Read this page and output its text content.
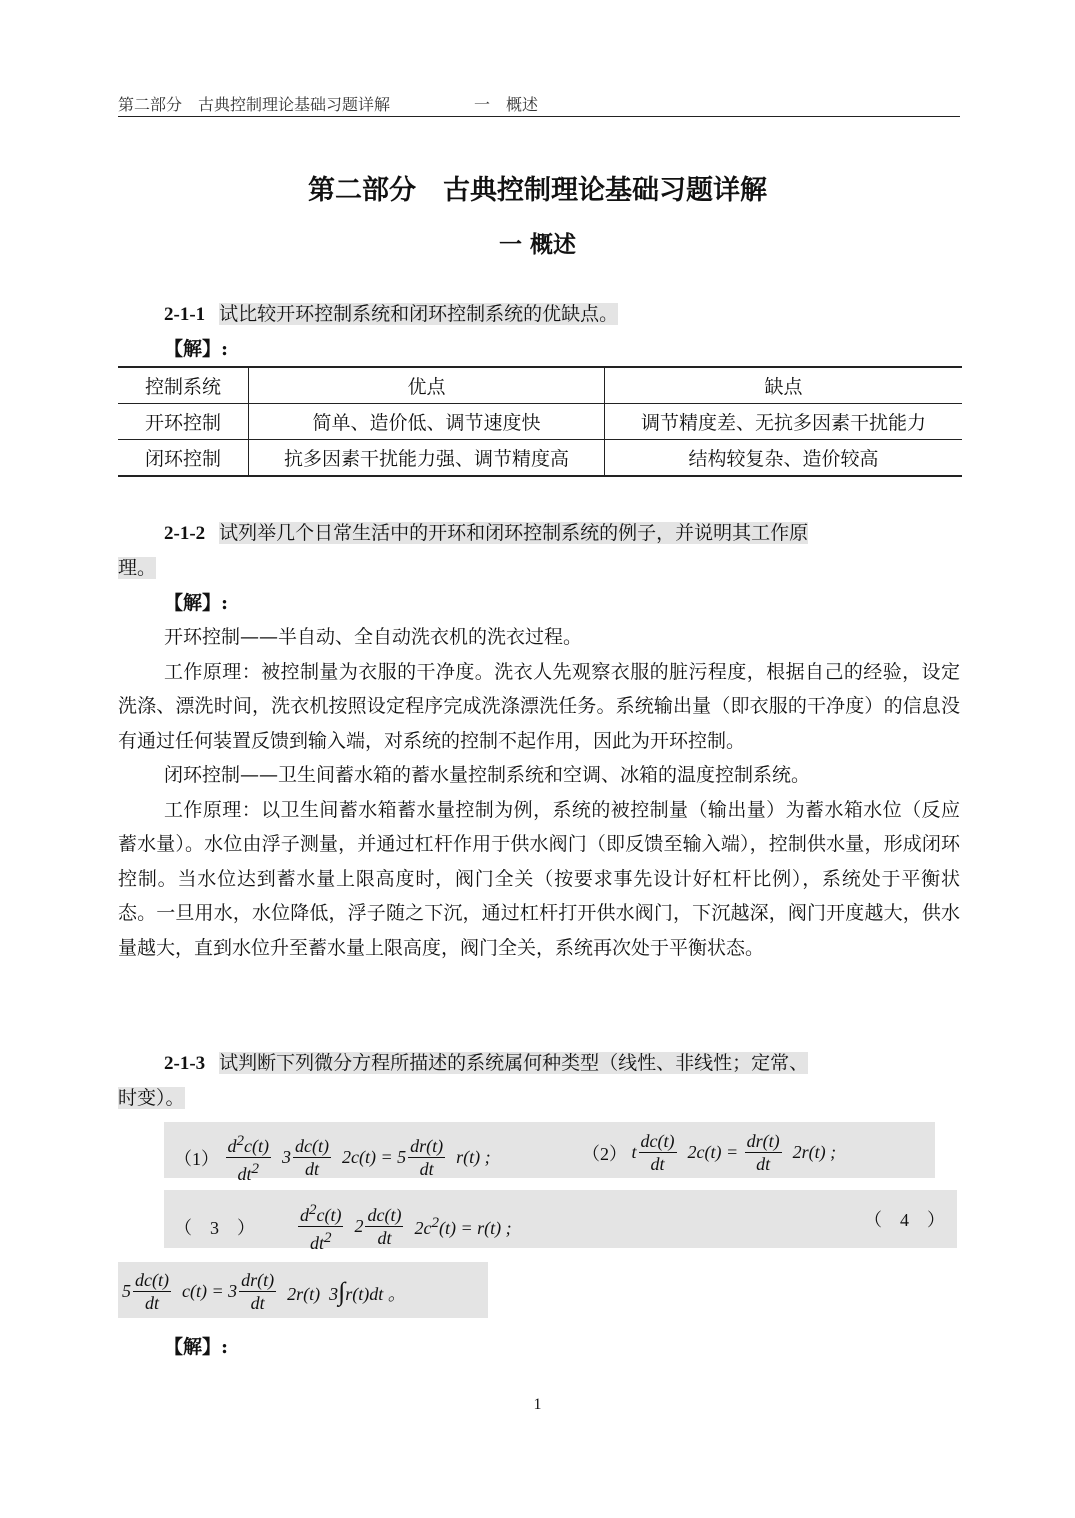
第二部分　古典控制理论基础习题详解	一　概述
第二部分　古典控制理论基础习题详解
一 概述
2-1-1 试比较开环控制系统和闭环控制系统的优缺点。
【解】:
控制系统	优点	缺点
开环控制	简单、造价低、调节速度快	调节精度差、无抗多因素干扰能力
闭环控制	抗多因素干扰能力强、调节精度高	结构较复杂、造价较高
2-1-2 试列举几个日常生活中的开环和闭环控制系统的例子，并说明其工作原
理。
【解】:
开环控制——半自动、全自动洗衣机的洗衣过程。
工作原理：被控制量为衣服的干净度。洗衣人先观察衣服的脏污程度，根据自己的经验，设定洗涤、漂洗时间，洗衣机按照设定程序完成洗涤漂洗任务。系统输出量（即衣服的干净度）的信息没有通过任何装置反馈到输入端，对系统的控制不起作用，因此为开环控制。
闭环控制——卫生间蓄水箱的蓄水量控制系统和空调、冰箱的温度控制系统。
工作原理：以卫生间蓄水箱蓄水量控制为例，系统的被控制量（输出量）为蓄水箱水位（反应蓄水量）。水位由浮子测量，并通过杠杆作用于供水阀门（即反馈至输入端），控制供水量，形成闭环控制。当水位达到蓄水量上限高度时，阀门全关（按要求事先设计好杠杆比例），系统处于平衡状态。一旦用水，水位降低，浮子随之下沉，通过杠杆打开供水阀门，下沉越深，阀门开度越大，供水量越大，直到水位升至蓄水量上限高度，阀门全关，系统再次处于平衡状态。
2-1-3 试判断下列微分方程所描述的系统属何种类型（线性、非线性；定常、
时变）。
$(1) \frac{d^2c(t)}{dt^2} 3 \frac{dc(t)}{dt} 2c(t) = 5 \frac{dr(t)}{dt} r(t)$ ;	（2） t $\frac{dc(t)}{dt} 2c(t) = \frac{dr(t)}{dt} 2r(t)$ ;
（　3　） $\frac{d^2c(t)}{dt^2} 2 \frac{dc(t)}{dt} 2c^2(t) = r(t)$ ;	（　4　）
$5 \frac{dc(t)}{dt} c(t) = 3 \frac{dr(t)}{dt} 2r(t)$  3∫r(t)dt 。
【解】:
1
